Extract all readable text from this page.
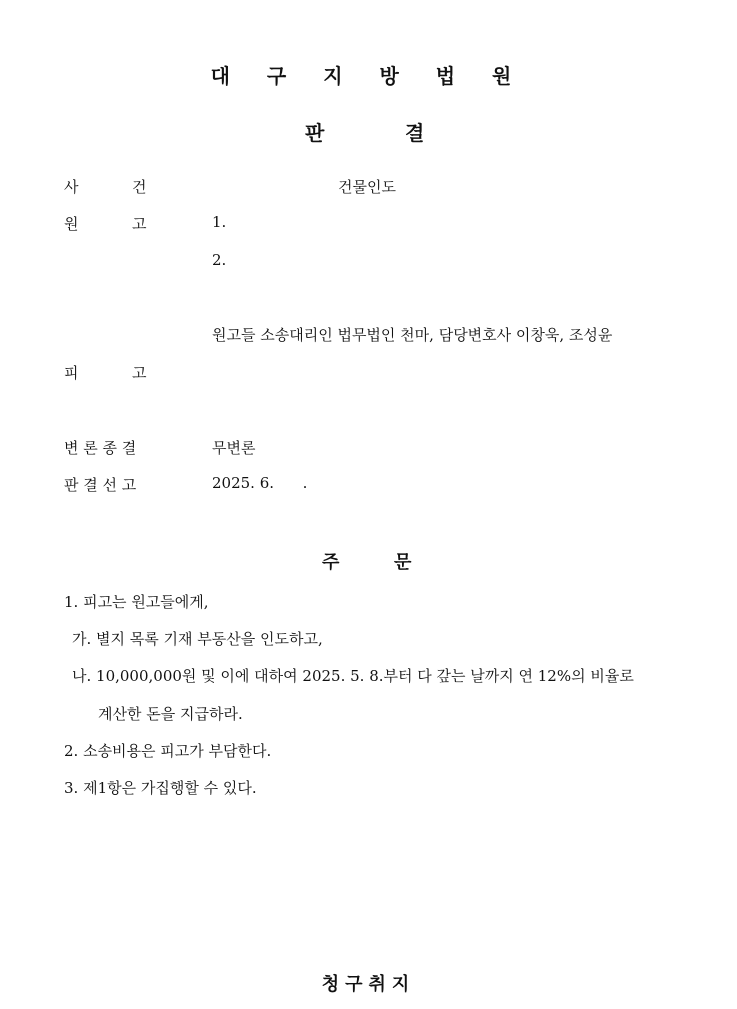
대 구 지 방 법 원
판	결
사	건	건물인도
원	고	1.
2.
원고들 소송대리인 법무법인 천마, 담당변호사 이창욱, 조성윤
피	고
변 론 종 결	무변론
판 결 선 고	2025. 6.      .
주	문
1. 피고는 원고들에게,
가. 별지 목록 기재 부동산을 인도하고,
나. 10,000,000원 및 이에 대하여 2025. 5. 8.부터 다 갚는 날까지 연 12%의 비율로
계산한 돈을 지급하라.
2. 소송비용은 피고가 부담한다.
3. 제1항은 가집행할 수 있다.
청구취지
